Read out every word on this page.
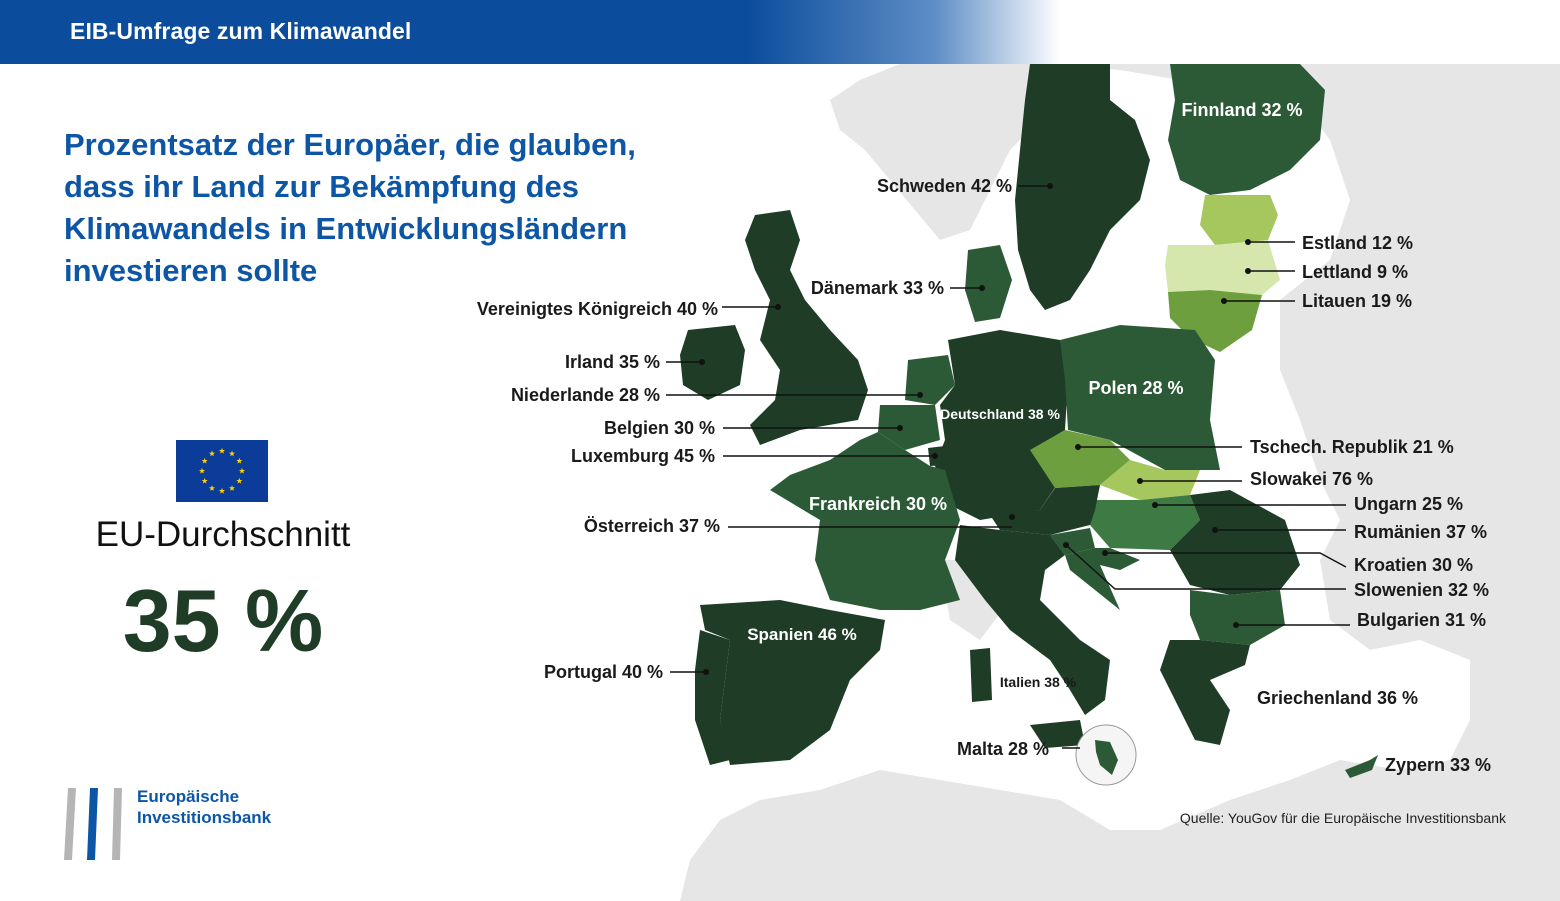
Finnland 32 %
Schweden 42 %
Estland 12 %
Lettland 9 %
Litauen 19 %
Dänemark 33 %
Vereinigtes Königreich 40 %
Irland 35 %
Niederlande 28 %
Belgien 30 %
Luxemburg 45 %
Polen 28 %
Deutschland 38 %
Tschech. Republik 21 %
Slowakei 76 %
Ungarn 25 %
Rumänien 37 %
Frankreich 30 %
Österreich 37 %
Kroatien 30 %
Slowenien 32 %
Bulgarien 31 %
Spanien 46 %
Portugal 40 %	Italien 38 %
Griechenland 36 %
Malta 28 %
Zypern 33 %
EIB-Umfrage zum Klimawandel
Prozentsatz der Europäer, die glauben,
dass ihr Land zur Bekämpfung des
Klimawandels in Entwicklungsländern
investieren sollte
EU-Durchschnitt
35 %
Europäische
Investitionsbank	Quelle: YouGov für die Europäische Investitionsbank
